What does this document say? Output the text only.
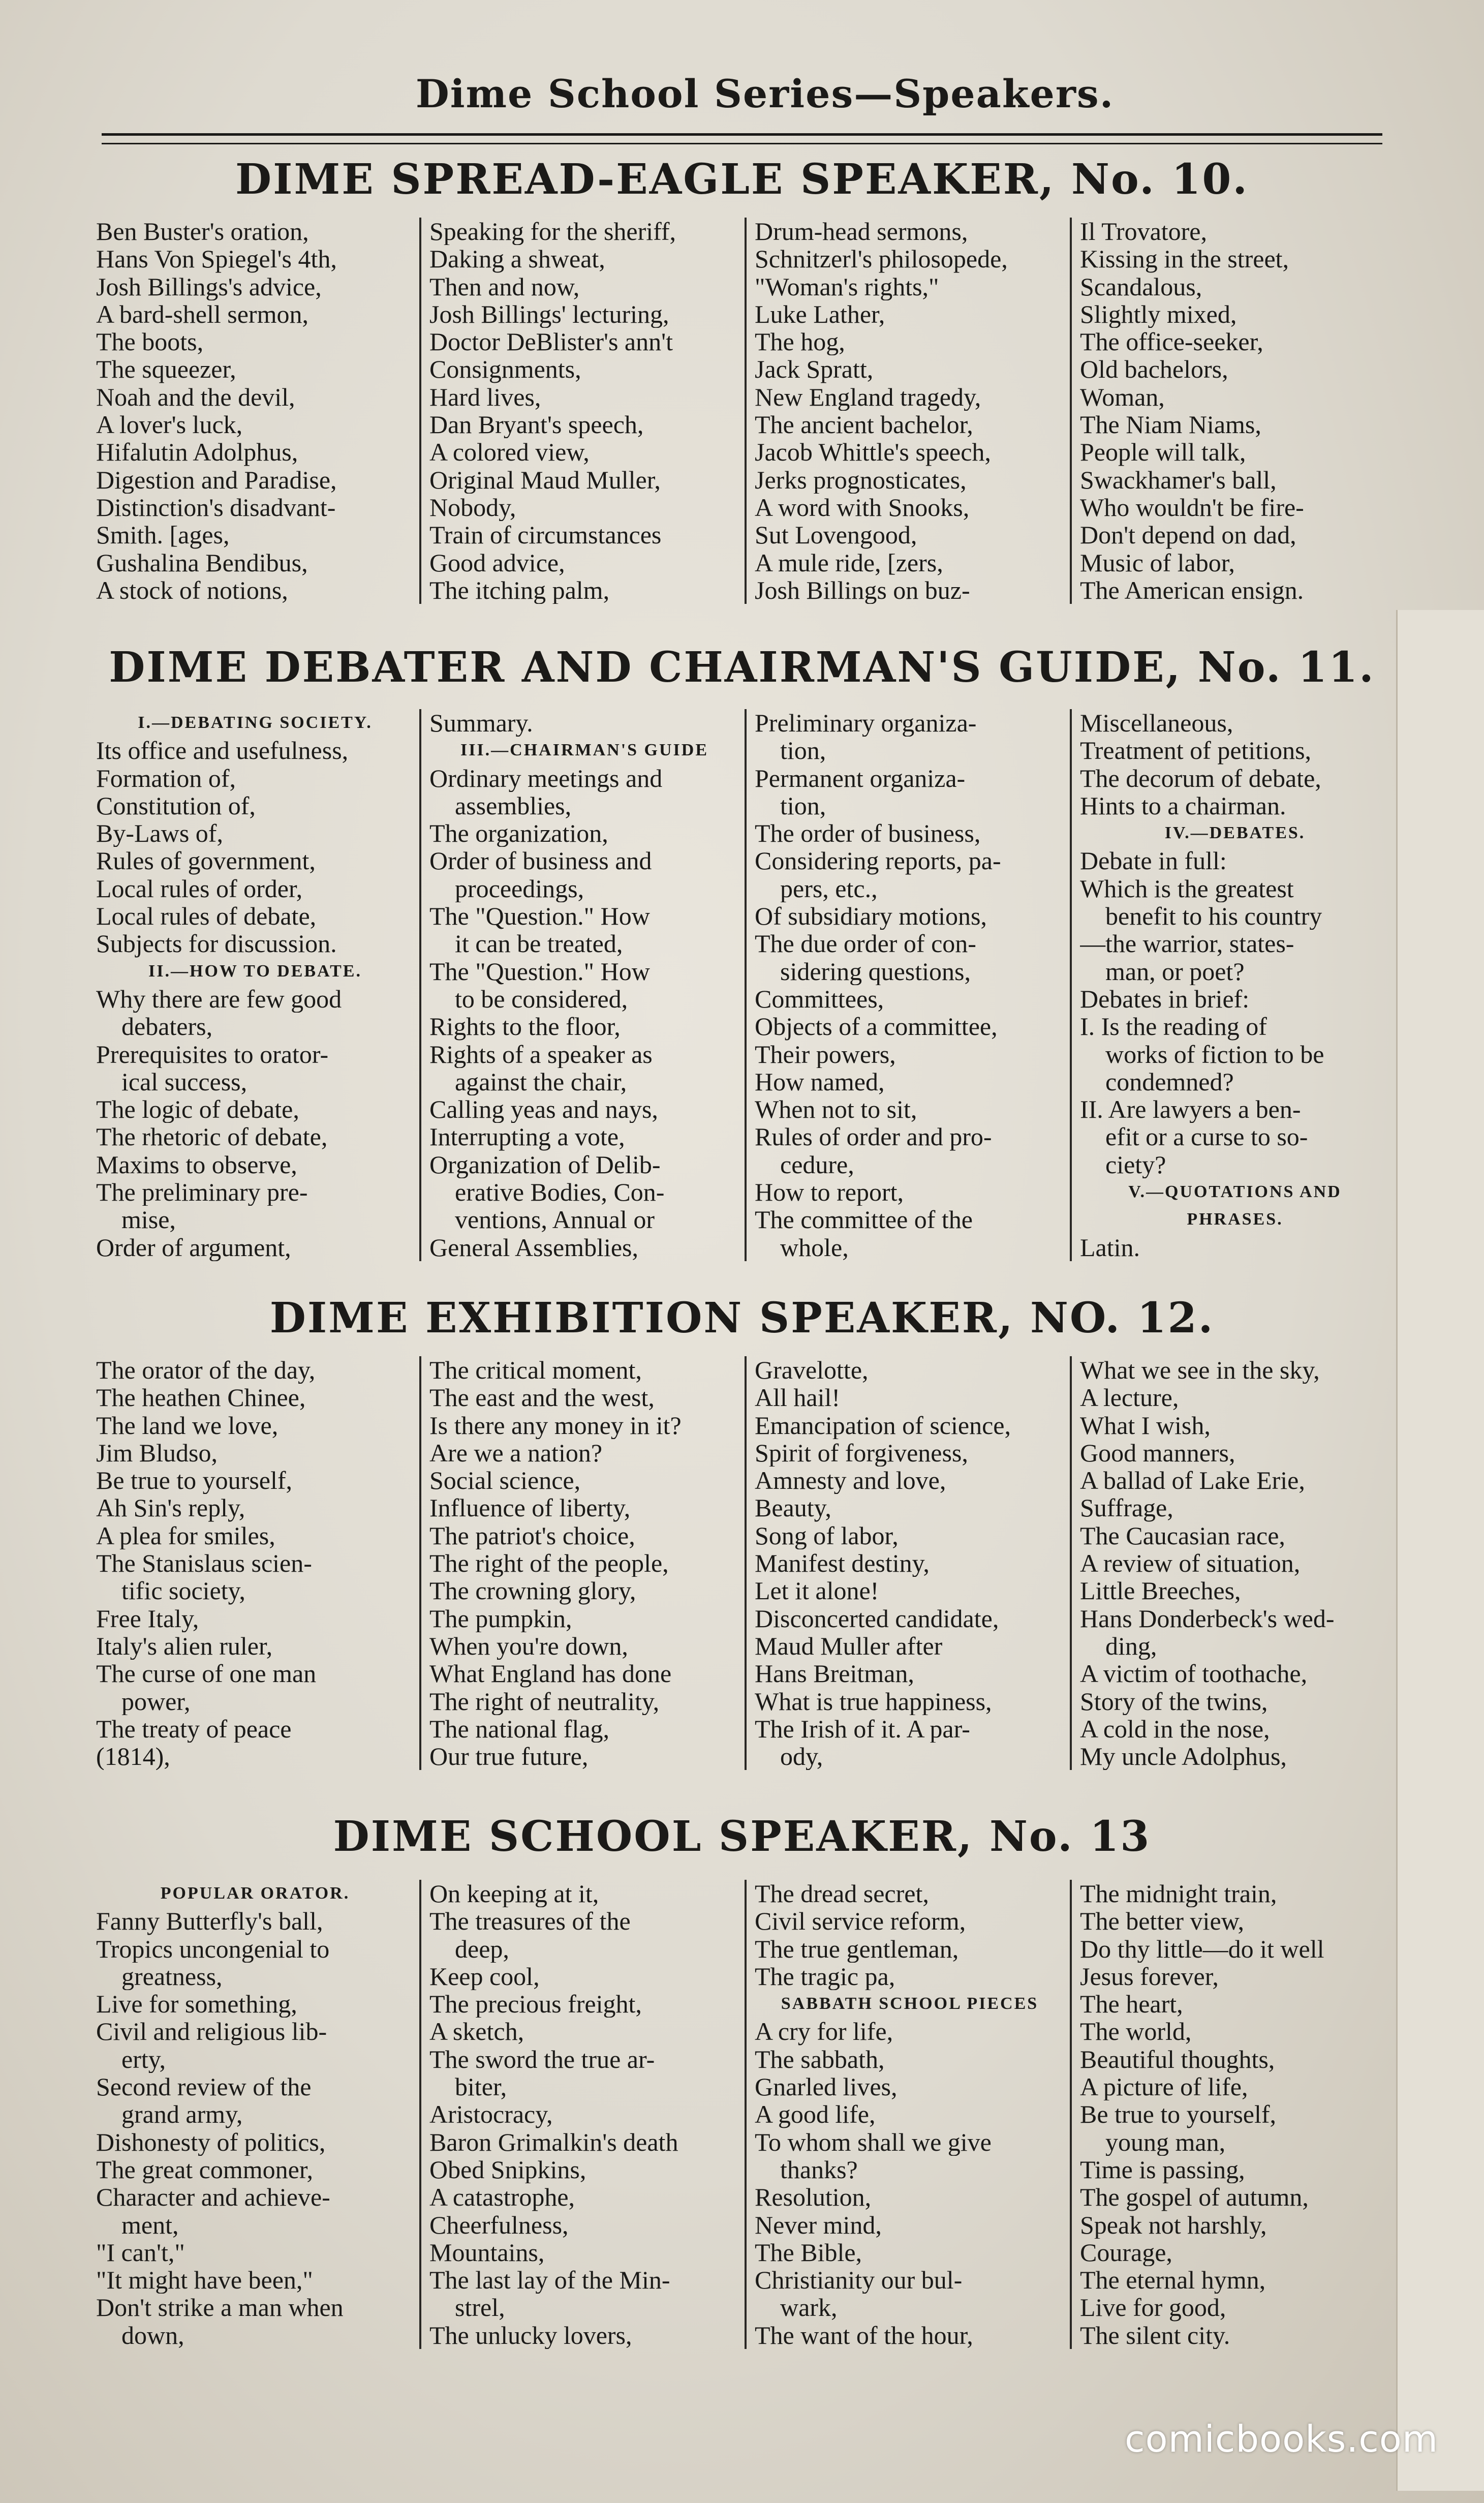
Dime School Series—Speakers.
DIME SPREAD-EAGLE SPEAKER, No. 10.
Ben Buster's oration,
Hans Von Spiegel's 4th,
Josh Billings's advice,
A bard-shell sermon,
The boots,
The squeezer,
Noah and the devil,
A lover's luck,
Hifalutin Adolphus,
Digestion and Paradise,
Distinction's disadvant-
Smith. [ages,
Gushalina Bendibus,
A stock of notions,
Speaking for the sheriff,
Daking a shweat,
Then and now,
Josh Billings' lecturing,
Doctor DeBlister's ann't
Consignments,
Hard lives,
Dan Bryant's speech,
A colored view,
Original Maud Muller,
Nobody,
Train of circumstances
Good advice,
The itching palm,
Drum-head sermons,
Schnitzerl's philosopede,
"Woman's rights,"
Luke Lather,
The hog,
Jack Spratt,
New England tragedy,
The ancient bachelor,
Jacob Whittle's speech,
Jerks prognosticates,
A word with Snooks,
Sut Lovengood,
A mule ride, [zers,
Josh Billings on buz-
Il Trovatore,
Kissing in the street,
Scandalous,
Slightly mixed,
The office-seeker,
Old bachelors,
Woman,
The Niam Niams,
People will talk,
Swackhamer's ball,
Who wouldn't be fire-
Don't depend on dad,
Music of labor,
The American ensign.
DIME DEBATER AND CHAIRMAN'S GUIDE, No. 11.
I.—DEBATING SOCIETY.
Its office and usefulness,
Formation of,
Constitution of,
By-Laws of,
Rules of government,
Local rules of order,
Local rules of debate,
Subjects for discussion.
II.—HOW TO DEBATE.
Why there are few good
debaters,
Prerequisites to orator-
ical success,
The logic of debate,
The rhetoric of debate,
Maxims to observe,
The preliminary pre-
mise,
Order of argument,
Summary.
III.—CHAIRMAN'S GUIDE
Ordinary meetings and
assemblies,
The organization,
Order of business and
proceedings,
The "Question." How
it can be treated,
The "Question." How
to be considered,
Rights to the floor,
Rights of a speaker as
against the chair,
Calling yeas and nays,
Interrupting a vote,
Organization of Delib-
erative Bodies, Con-
ventions, Annual or
General Assemblies,
Preliminary organiza-
tion,
Permanent organiza-
tion,
The order of business,
Considering reports, pa-
pers, etc.,
Of subsidiary motions,
The due order of con-
sidering questions,
Committees,
Objects of a committee,
Their powers,
How named,
When not to sit,
Rules of order and pro-
cedure,
How to report,
The committee of the
whole,
Miscellaneous,
Treatment of petitions,
The decorum of debate,
Hints to a chairman.
IV.—DEBATES.
Debate in full:
Which is the greatest
benefit to his country
—the warrior, states-
man, or poet?
Debates in brief:
I. Is the reading of
works of fiction to be
condemned?
II. Are lawyers a ben-
efit or a curse to so-
ciety?
V.—QUOTATIONS AND
PHRASES.
Latin.
DIME EXHIBITION SPEAKER, NO. 12.
The orator of the day,
The heathen Chinee,
The land we love,
Jim Bludso,
Be true to yourself,
Ah Sin's reply,
A plea for smiles,
The Stanislaus scien-
tific society,
Free Italy,
Italy's alien ruler,
The curse of one man
power,
The treaty of peace
(1814),
The critical moment,
The east and the west,
Is there any money in it?
Are we a nation?
Social science,
Influence of liberty,
The patriot's choice,
The right of the people,
The crowning glory,
The pumpkin,
When you're down,
What England has done
The right of neutrality,
The national flag,
Our true future,
Gravelotte,
All hail!
Emancipation of science,
Spirit of forgiveness,
Amnesty and love,
Beauty,
Song of labor,
Manifest destiny,
Let it alone!
Disconcerted candidate,
Maud Muller after
Hans Breitman,
What is true happiness,
The Irish of it. A par-
ody,
What we see in the sky,
A lecture,
What I wish,
Good manners,
A ballad of Lake Erie,
Suffrage,
The Caucasian race,
A review of situation,
Little Breeches,
Hans Donderbeck's wed-
ding,
A victim of toothache,
Story of the twins,
A cold in the nose,
My uncle Adolphus,
DIME SCHOOL SPEAKER, No. 13
POPULAR ORATOR.
Fanny Butterfly's ball,
Tropics uncongenial to
greatness,
Live for something,
Civil and religious lib-
erty,
Second review of the
grand army,
Dishonesty of politics,
The great commoner,
Character and achieve-
ment,
"I can't,"
"It might have been,"
Don't strike a man when
down,
On keeping at it,
The treasures of the
deep,
Keep cool,
The precious freight,
A sketch,
The sword the true ar-
biter,
Aristocracy,
Baron Grimalkin's death
Obed Snipkins,
A catastrophe,
Cheerfulness,
Mountains,
The last lay of the Min-
strel,
The unlucky lovers,
The dread secret,
Civil service reform,
The true gentleman,
The tragic pa,
SABBATH SCHOOL PIECES
A cry for life,
The sabbath,
Gnarled lives,
A good life,
To whom shall we give
thanks?
Resolution,
Never mind,
The Bible,
Christianity our bul-
wark,
The want of the hour,
The midnight train,
The better view,
Do thy little—do it well
Jesus forever,
The heart,
The world,
Beautiful thoughts,
A picture of life,
Be true to yourself,
young man,
Time is passing,
The gospel of autumn,
Speak not harshly,
Courage,
The eternal hymn,
Live for good,
The silent city.
comicbooks.com
